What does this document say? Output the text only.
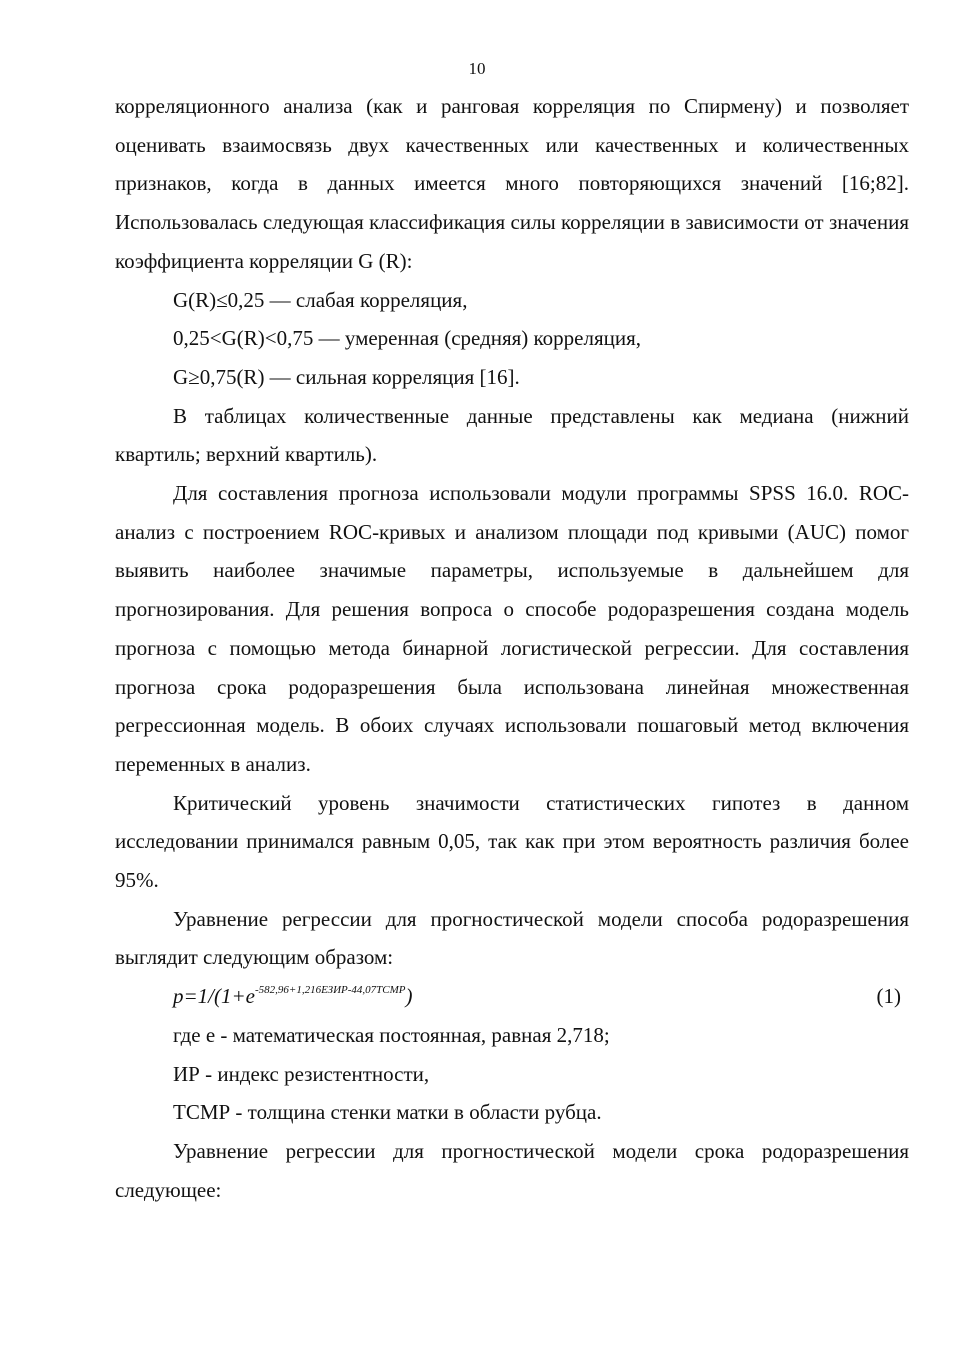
10

корреляционного анализа (как и ранговая корреляция по Спирмену) и позволяет оценивать взаимосвязь двух качественных или качественных и количественных признаков, когда в данных имеется много повторяющихся значений [16;82]. Использовалась следующая классификация силы корреляции в зависимости от значения коэффициента корреляции G (R):

G(R)≤0,25 — слабая корреляция,

0,25<G(R)<0,75 — умеренная (средняя) корреляция,

G≥0,75(R) — сильная корреляция [16].

В таблицах количественные данные представлены как медиана (нижний квартиль; верхний квартиль).

Для составления прогноза использовали модули программы SPSS 16.0. ROC-анализ с построением ROC-кривых и анализом площади под кривыми (AUC) помог выявить наиболее значимые параметры, используемые в дальнейшем для прогнозирования. Для решения вопроса о способе родоразрешения создана модель прогноза с помощью метода бинарной логистической регрессии. Для составления прогноза срока родоразрешения была использована линейная множественная регрессионная модель. В обоих случаях использовали пошаговый метод включения переменных в анализ.

Критический уровень значимости статистических гипотез в данном исследовании принимался равным 0,05, так как при этом вероятность различия более 95%.

Уравнение регрессии для прогностической модели способа родоразрешения выглядит следующим образом:

$p=1/(1+e^{-582,96+1,216ЕЗИР-44,07ТСМР})$	(1)

где е - математическая постоянная, равная 2,718;

ИР - индекс резистентности,

ТСМР - толщина стенки матки в области рубца.

Уравнение регрессии для прогностической модели срока родоразрешения следующее:
